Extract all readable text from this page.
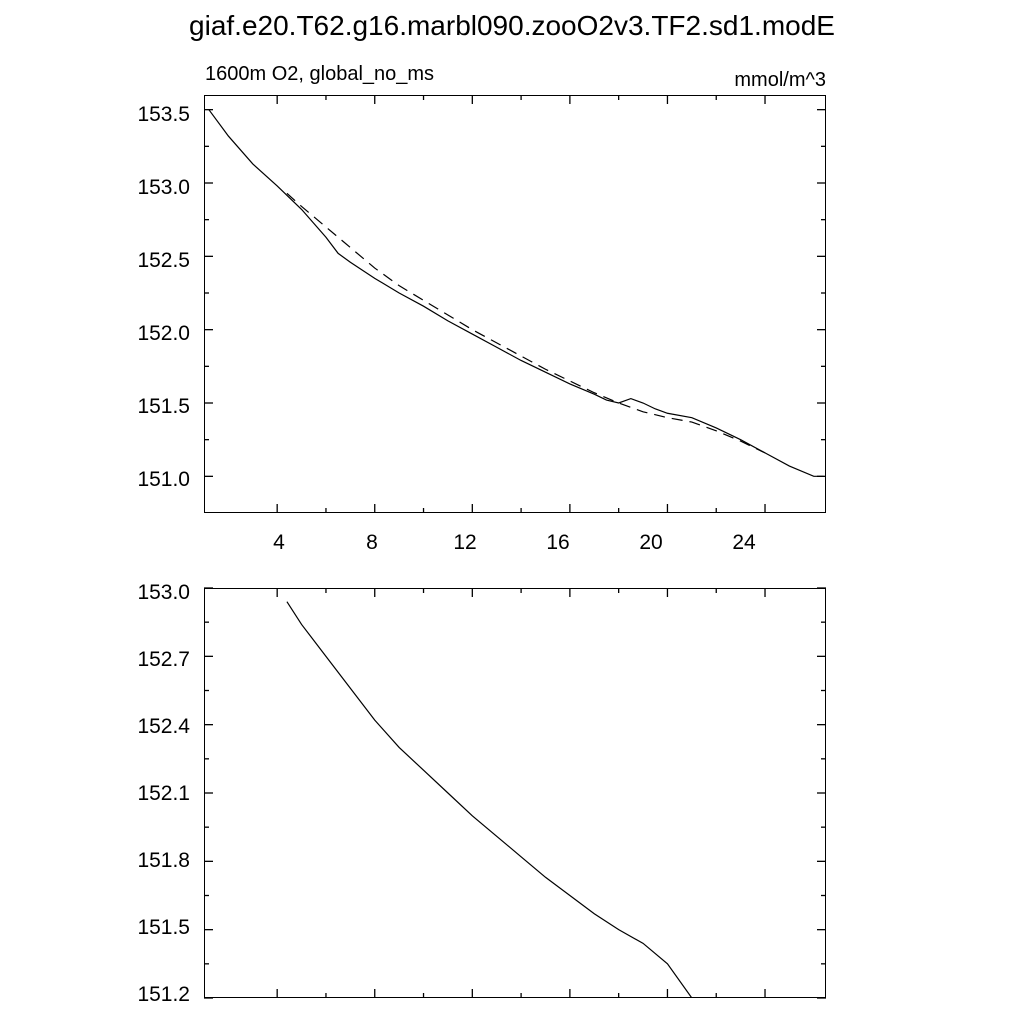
giaf.e20.T62.g16.marbl090.zooO2v3.TF2.sd1.modE
1600m O2, global_no_ms	mmol/m^3
153.5
153.0
152.5
152.0
151.5
151.0
4	8	12	16	20	24
153.0
152.7
152.4
152.1
151.8
151.5
151.2
